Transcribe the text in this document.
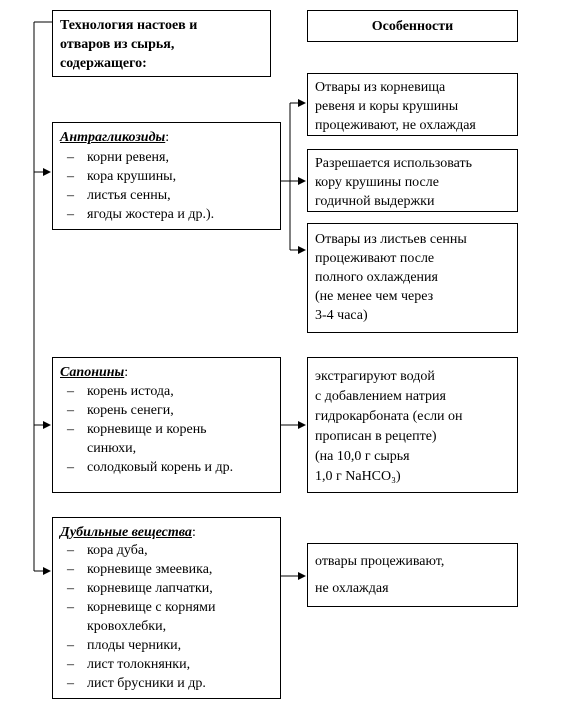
Технология настоев и
отваров из сырья,
содержащего:
Особенности
Антрагликозиды:
– корни ревеня,
– кора крушины,
– листья сенны,
– ягоды жостера и др.).
Отвары из корневища
ревеня и коры крушины
процеживают, не охлаждая
Разрешается использовать
кору крушины после
годичной выдержки
Отвары из листьев сенны
процеживают после
полного охлаждения
(не менее чем через
3-4 часа)
Сапонины:
– корень истода,
– корень сенеги,
– корневище и корень
синюхи,
– солодковый корень и др.
экстрагируют водой
с добавлением натрия
гидрокарбоната (если он
прописан в рецепте)
(на 10,0 г сырья
1,0 г NaHCO₃)
Дубильные вещества:
– кора дуба,
– корневище змеевика,
– корневище лапчатки,
– корневище с корнями
кровохлебки,
– плоды черники,
– лист толокнянки,
– лист брусники и др.
отвары процеживают,
не охлаждая
